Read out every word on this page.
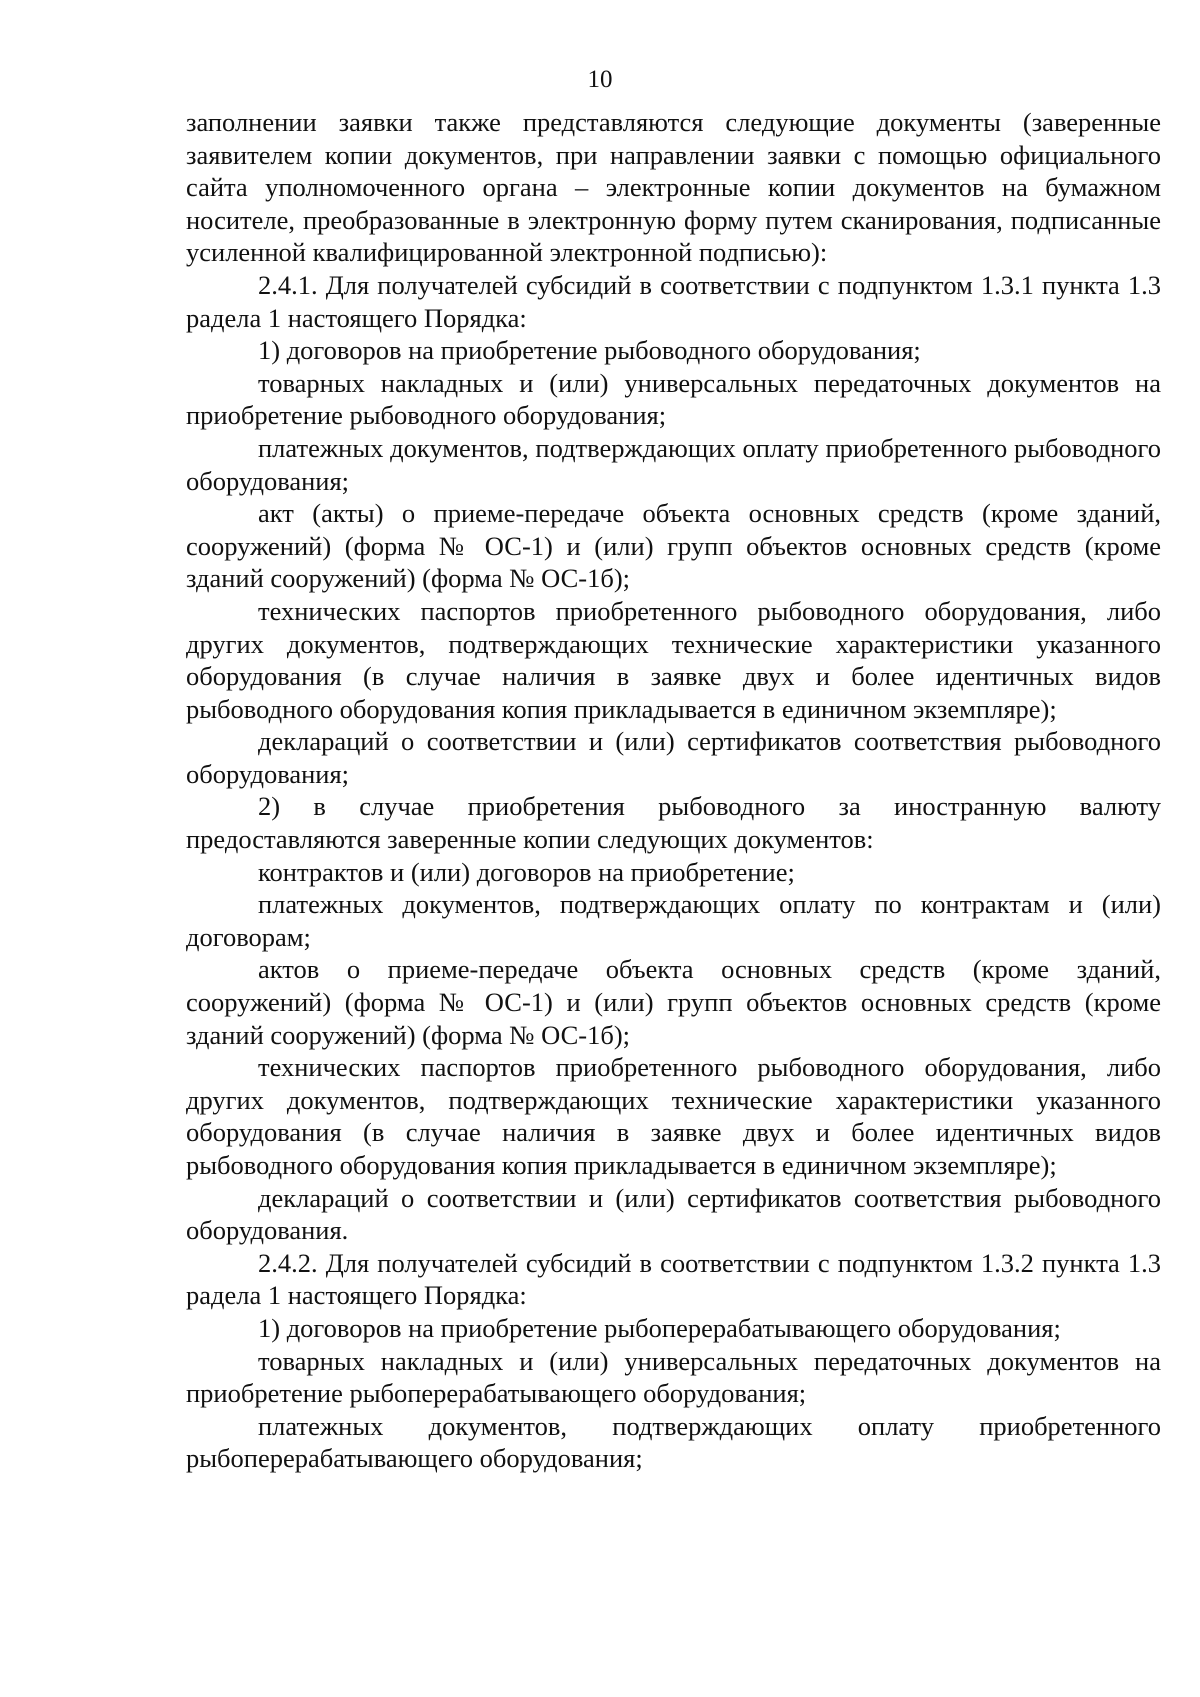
10

заполнении заявки также представляются следующие документы (заверенные заявителем копии документов, при направлении заявки с помощью официального сайта уполномоченного органа – электронные копии документов на бумажном носителе, преобразованные в электронную форму путем сканирования, подписанные усиленной квалифицированной электронной подписью):

2.4.1. Для получателей субсидий в соответствии с подпунктом 1.3.1 пункта 1.3 радела 1 настоящего Порядка:

1) договоров на приобретение рыбоводного оборудования;

товарных накладных и (или) универсальных передаточных документов на приобретение рыбоводного оборудования;

платежных документов, подтверждающих оплату приобретенного рыбоводного оборудования;

акт (акты) о приеме-передаче объекта основных средств (кроме зданий, сооружений) (форма № ОС-1) и (или) групп объектов основных средств (кроме зданий сооружений) (форма № ОС-1б);

технических паспортов приобретенного рыбоводного оборудования, либо других документов, подтверждающих технические характеристики указанного оборудования (в случае наличия в заявке двух и более идентичных видов рыбоводного оборудования копия прикладывается в единичном экземпляре);

деклараций о соответствии и (или) сертификатов соответствия рыбоводного оборудования;

2) в случае приобретения рыбоводного за иностранную валюту предоставляются заверенные копии следующих документов:

контрактов и (или) договоров на приобретение;

платежных документов, подтверждающих оплату по контрактам и (или) договорам;

актов о приеме-передаче объекта основных средств (кроме зданий, сооружений) (форма № ОС-1) и (или) групп объектов основных средств (кроме зданий сооружений) (форма № ОС-1б);

технических паспортов приобретенного рыбоводного оборудования, либо других документов, подтверждающих технические характеристики указанного оборудования (в случае наличия в заявке двух и более идентичных видов рыбоводного оборудования копия прикладывается в единичном экземпляре);

деклараций о соответствии и (или) сертификатов соответствия рыбоводного оборудования.

2.4.2. Для получателей субсидий в соответствии с подпунктом 1.3.2 пункта 1.3 радела 1 настоящего Порядка:

1) договоров на приобретение рыбоперерабатывающего оборудования;

товарных накладных и (или) универсальных передаточных документов на приобретение рыбоперерабатывающего оборудования;

платежных документов, подтверждающих оплату приобретенного рыбоперерабатывающего оборудования;
